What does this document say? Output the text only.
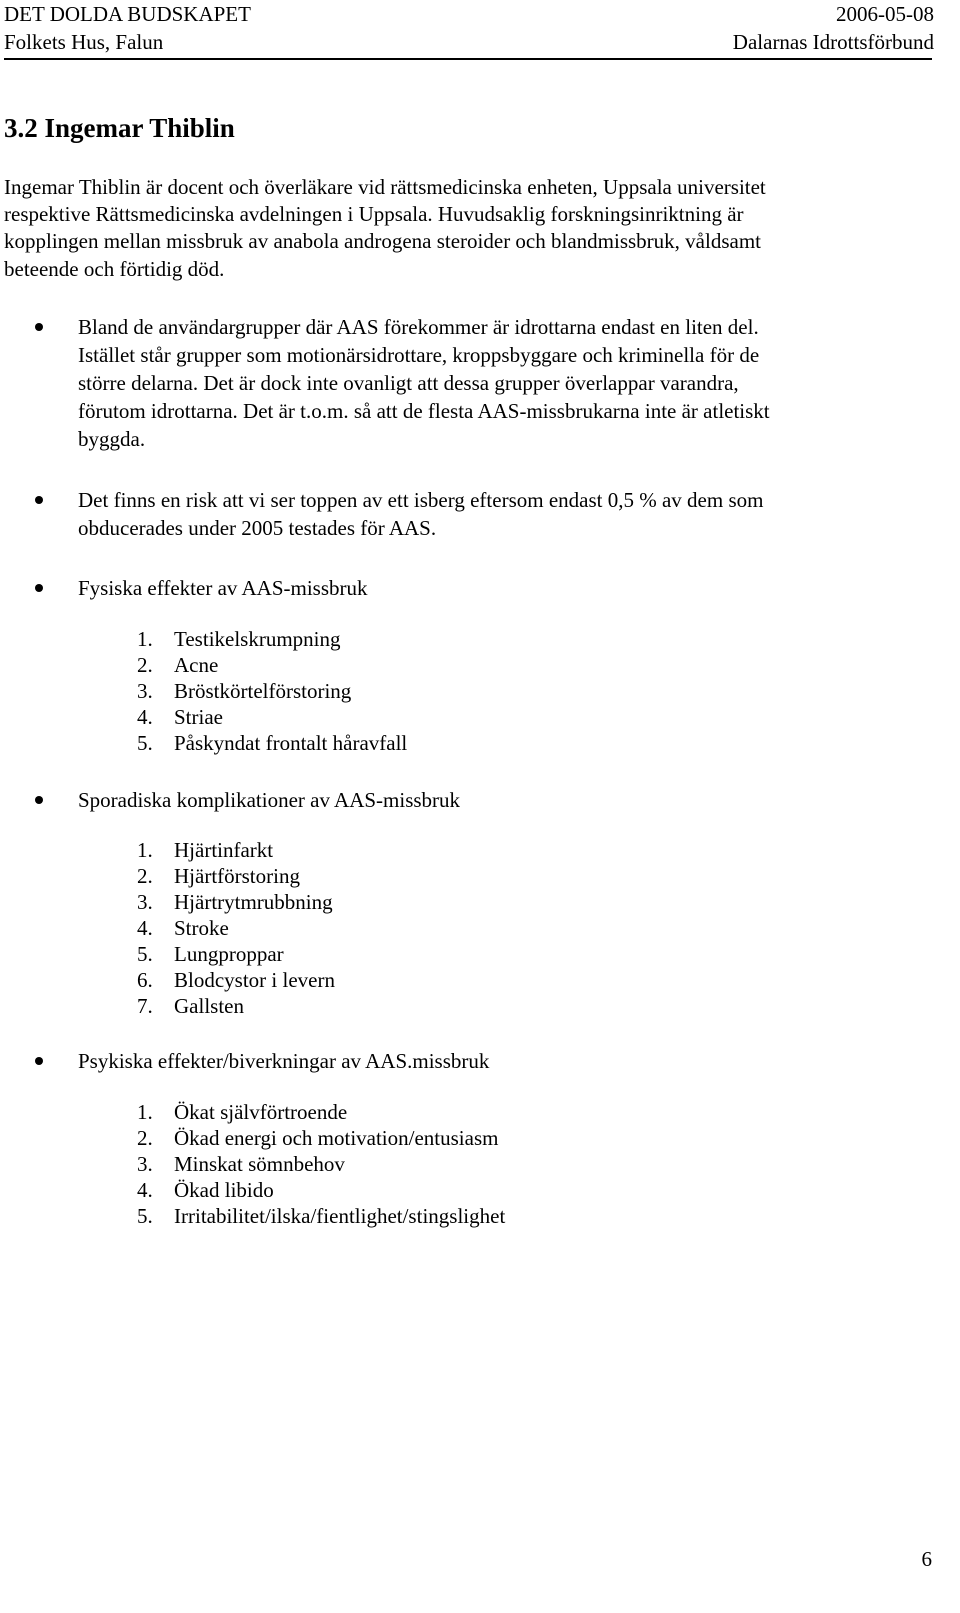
DET DOLDA BUDSKAPET	2006-05-08
Folkets Hus, Falun	Dalarnas Idrottsförbund
3.2 Ingemar Thiblin
Ingemar Thiblin är docent och överläkare vid rättsmedicinska enheten, Uppsala universitet
respektive Rättsmedicinska avdelningen i Uppsala. Huvudsaklig forskningsinriktning är
kopplingen mellan missbruk av anabola androgena steroider och blandmissbruk, våldsamt
beteende och förtidig död.
Bland de användargrupper där AAS förekommer är idrottarna endast en liten del.
Istället står grupper som motionärsidrottare, kroppsbyggare och kriminella för de
större delarna. Det är dock inte ovanligt att dessa grupper överlappar varandra,
förutom idrottarna. Det är t.o.m. så att de flesta AAS-missbrukarna inte är atletiskt
byggda.
Det finns en risk att vi ser toppen av ett isberg eftersom endast 0,5 % av dem som
obducerades under 2005 testades för AAS.
Fysiska effekter av AAS-missbruk
1. Testikelskrumpning
2. Acne
3. Bröstkörtelförstoring
4. Striae
5. Påskyndat frontalt håravfall
Sporadiska komplikationer av AAS-missbruk
1. Hjärtinfarkt
2. Hjärtförstoring
3. Hjärtrytmrubbning
4. Stroke
5. Lungproppar
6. Blodcystor i levern
7. Gallsten
Psykiska effekter/biverkningar av AAS.missbruk
1. Ökat självförtroende
2. Ökad energi och motivation/entusiasm
3. Minskat sömnbehov
4. Ökad libido
5. Irritabilitet/ilska/fientlighet/stingslighet
6
